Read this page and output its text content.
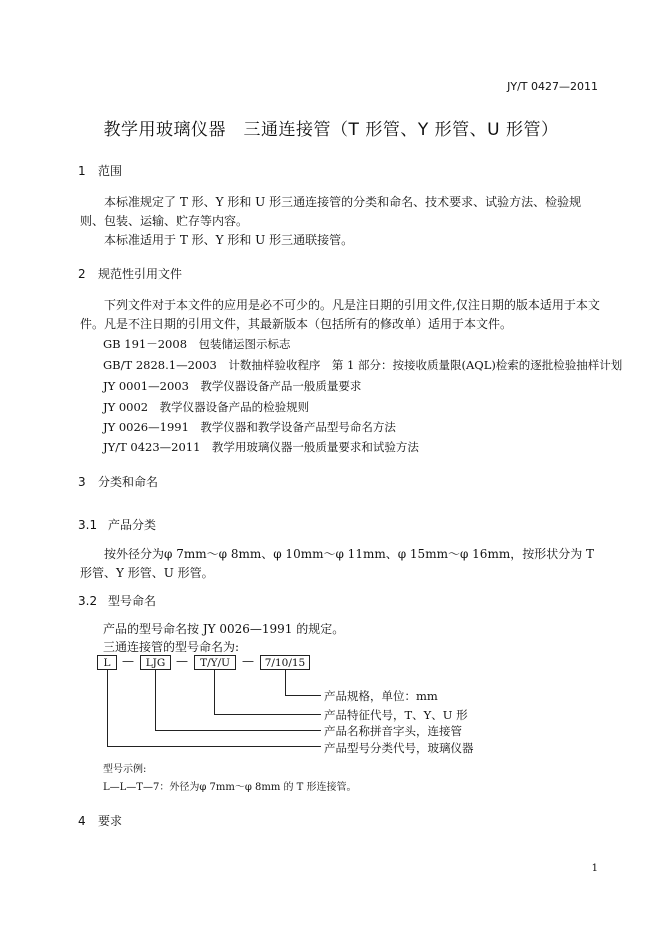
JY/T 0427—2011
教学用玻璃仪器　三通连接管（T 形管、Y 形管、U 形管）
1 范围
本标准规定了 T 形、Y 形和 U 形三通连接管的分类和命名、技术要求、试验方法、检验规则、包装、运输、贮存等内容。
本标准适用于 T 形、Y 形和 U 形三通联接管。
2 规范性引用文件
下列文件对于本文件的应用是必不可少的。凡是注日期的引用文件,仅注日期的版本适用于本文件。凡是不注日期的引用文件，其最新版本（包括所有的修改单）适用于本文件。
GB 191－2008　包装储运图示标志
GB/T 2828.1—2003　计数抽样验收程序　第 1 部分：按接收质量限(AQL)检索的逐批检验抽样计划
JY 0001—2003　教学仪器设备产品一般质量要求
JY 0002　教学仪器设备产品的检验规则
JY 0026—1991　教学仪器和教学设备产品型号命名方法
JY/T 0423—2011　教学用玻璃仪器一般质量要求和试验方法
3 分类和命名
3.1 产品分类
按外径分为φ 7mm～φ 8mm、φ 10mm～φ 11mm、φ 15mm～φ 16mm，按形状分为 T 形管、Y 形管、U 形管。
3.2 型号命名
产品的型号命名按 JY 0026—1991 的规定。
三通连接管的型号命名为:
L —	LJG —	T/Y/U	—	7/10/15
产品规格，单位：mm
产品特征代号，T、Y、U 形
产品名称拼音字头，连接管
产品型号分类代号，玻璃仪器
型号示例:
L—L—T—7：外径为φ 7mm～φ 8mm 的 T 形连接管。
4 要求
1
